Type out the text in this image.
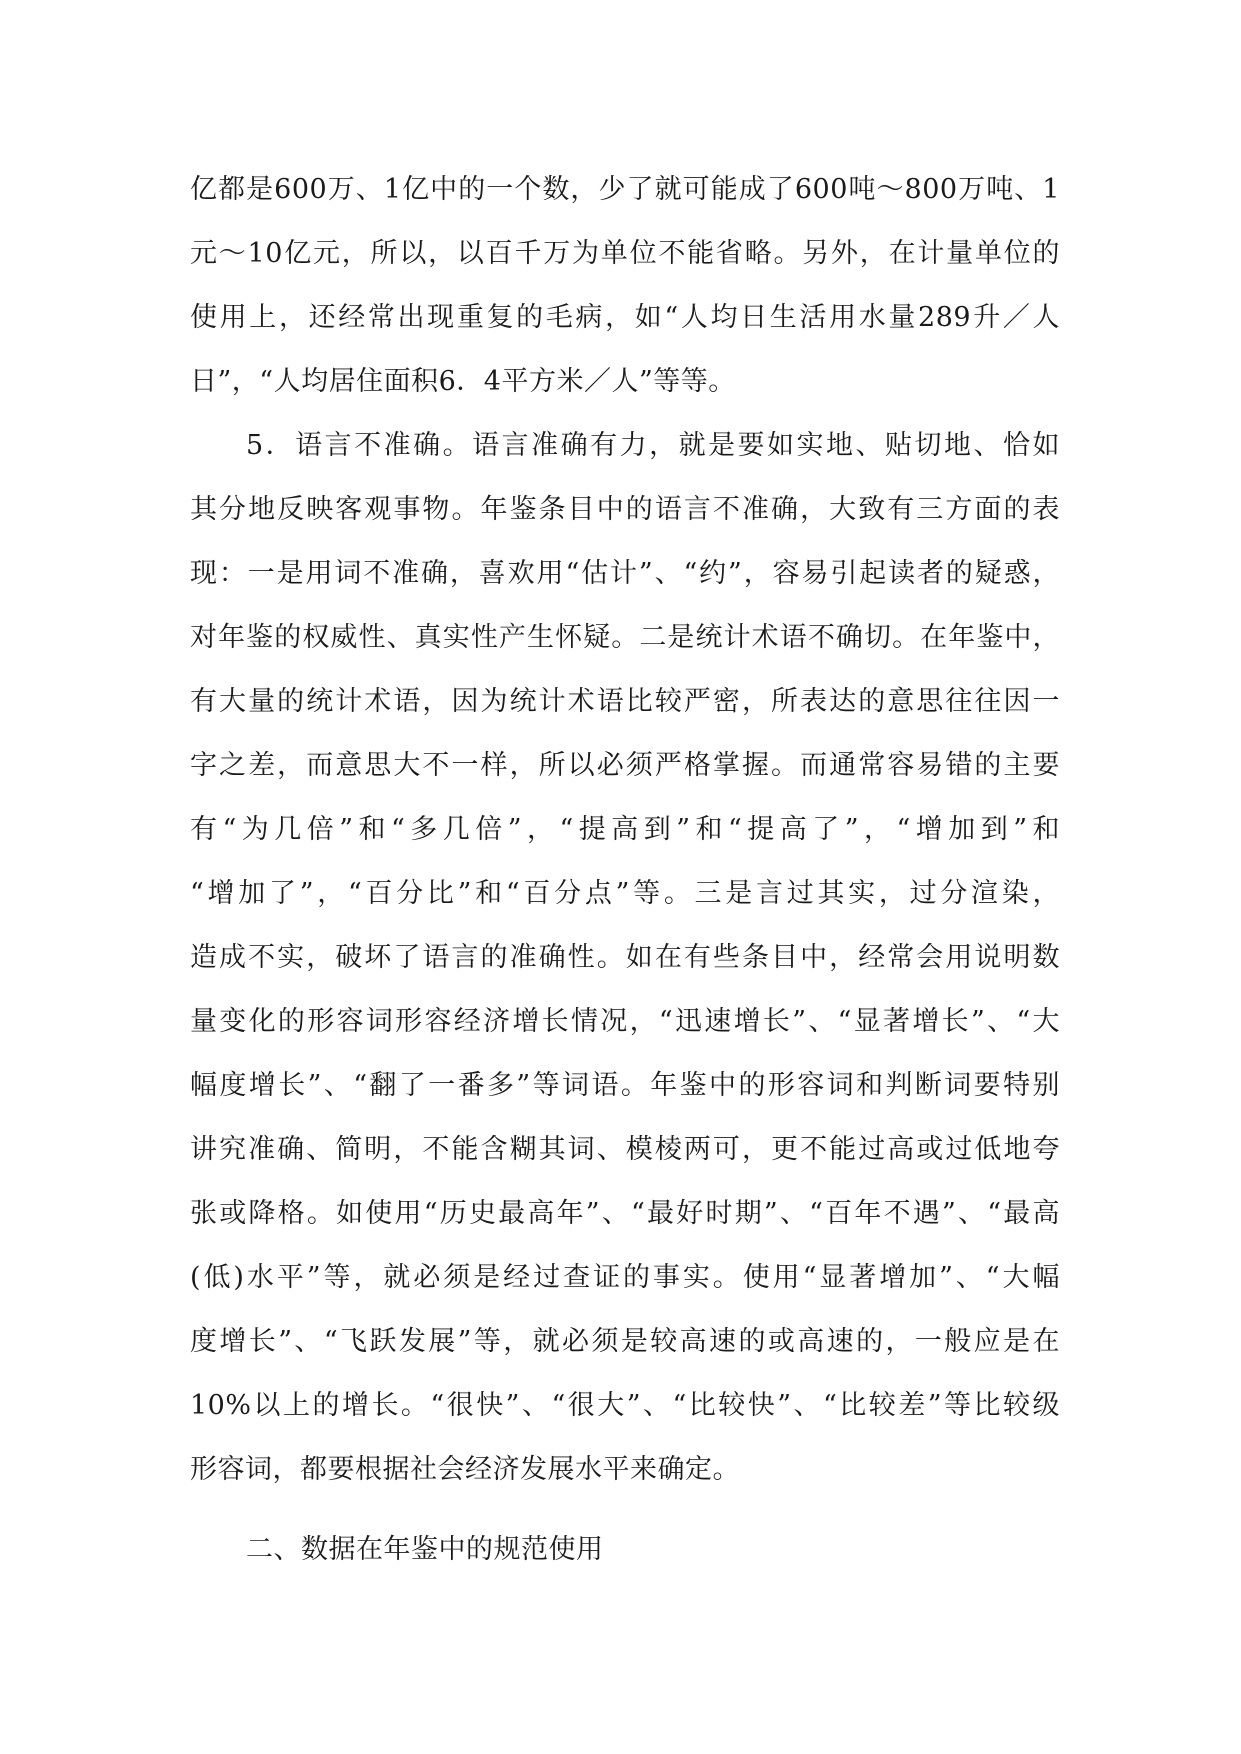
亿都是600万、1亿中的一个数，少了就可能成了600吨～800万吨、1
元～10亿元，所以，以百千万为单位不能省略。另外，在计量单位的
使用上，还经常出现重复的毛病，如“人均日生活用水量289升／人
日”，“人均居住面积6．4平方米／人”等等。
5．语言不准确。语言准确有力，就是要如实地、贴切地、恰如
其分地反映客观事物。年鉴条目中的语言不准确，大致有三方面的表
现：一是用词不准确，喜欢用“估计”、“约”，容易引起读者的疑惑，
对年鉴的权威性、真实性产生怀疑。二是统计术语不确切。在年鉴中，
有大量的统计术语，因为统计术语比较严密，所表达的意思往往因一
字之差，而意思大不一样，所以必须严格掌握。而通常容易错的主要
有“为几倍”和“多几倍”，“提高到”和“提高了”，“增加到”和
“增加了”，“百分比”和“百分点”等。三是言过其实，过分渲染，
造成不实，破坏了语言的准确性。如在有些条目中，经常会用说明数
量变化的形容词形容经济增长情况，“迅速增长”、“显著增长”、“大
幅度增长”、“翻了一番多”等词语。年鉴中的形容词和判断词要特别
讲究准确、简明，不能含糊其词、模棱两可，更不能过高或过低地夸
张或降格。如使用“历史最高年”、“最好时期”、“百年不遇”、“最高
(低)水平”等，就必须是经过查证的事实。使用“显著增加”、“大幅
度增长”、“飞跃发展”等，就必须是较高速的或高速的，一般应是在
10%以上的增长。“很快”、“很大”、“比较快”、“比较差”等比较级
形容词，都要根据社会经济发展水平来确定。
二、数据在年鉴中的规范使用
